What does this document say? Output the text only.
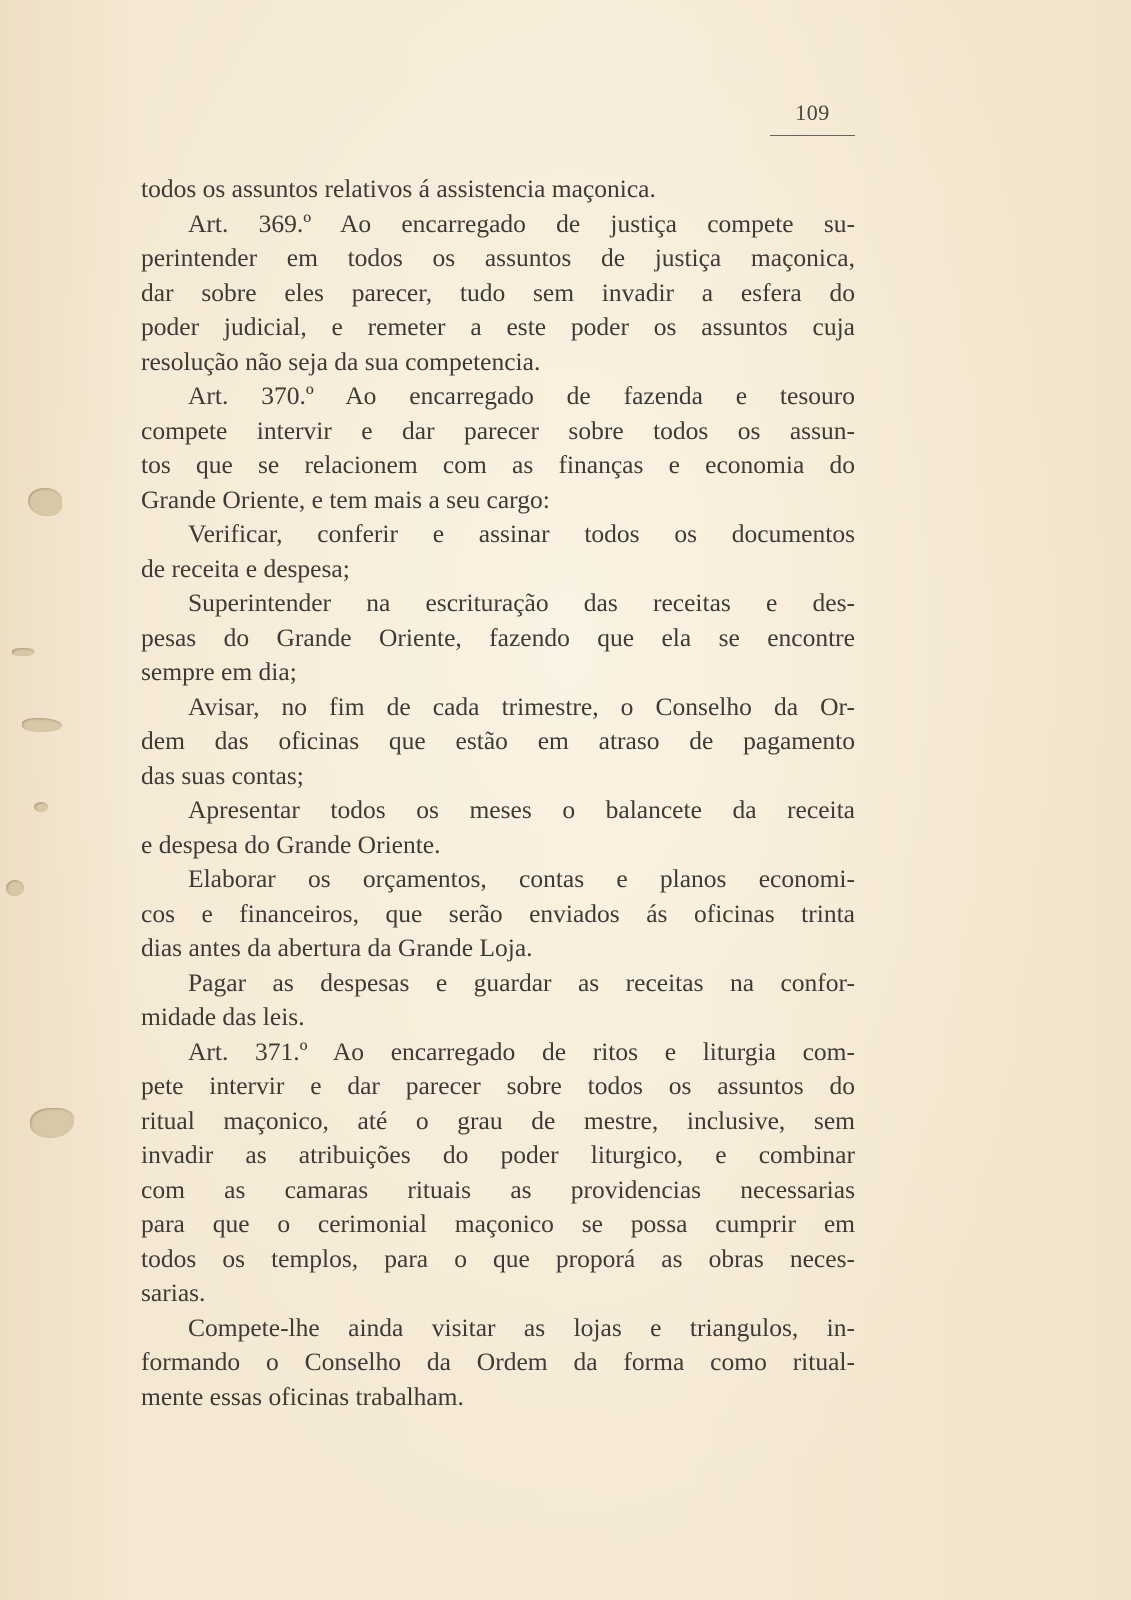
109
todos os assuntos relativos á assistencia maçonica.
Art. 369.º Ao encarregado de justiça compete su-
perintender em todos os assuntos de justiça maçonica,
dar sobre eles parecer, tudo sem invadir a esfera do
poder judicial, e remeter a este poder os assuntos cuja
resolução não seja da sua competencia.
Art. 370.º Ao encarregado de fazenda e tesouro
compete intervir e dar parecer sobre todos os assun-
tos que se relacionem com as finanças e economia do
Grande Oriente, e tem mais a seu cargo:
Verificar, conferir e assinar todos os documentos
de receita e despesa;
Superintender na escrituração das receitas e des-
pesas do Grande Oriente, fazendo que ela se encontre
sempre em dia;
Avisar, no fim de cada trimestre, o Conselho da Or-
dem das oficinas que estão em atraso de pagamento
das suas contas;
Apresentar todos os meses o balancete da receita
e despesa do Grande Oriente.
Elaborar os orçamentos, contas e planos economi-
cos e financeiros, que serão enviados ás oficinas trinta
dias antes da abertura da Grande Loja.
Pagar as despesas e guardar as receitas na confor-
midade das leis.
Art. 371.º Ao encarregado de ritos e liturgia com-
pete intervir e dar parecer sobre todos os assuntos do
ritual maçonico, até o grau de mestre, inclusive, sem
invadir as atribuições do poder liturgico, e combinar
com as camaras rituais as providencias necessarias
para que o cerimonial maçonico se possa cumprir em
todos os templos, para o que proporá as obras neces-
sarias.
Compete-lhe ainda visitar as lojas e triangulos, in-
formando o Conselho da Ordem da forma como ritual-
mente essas oficinas trabalham.
